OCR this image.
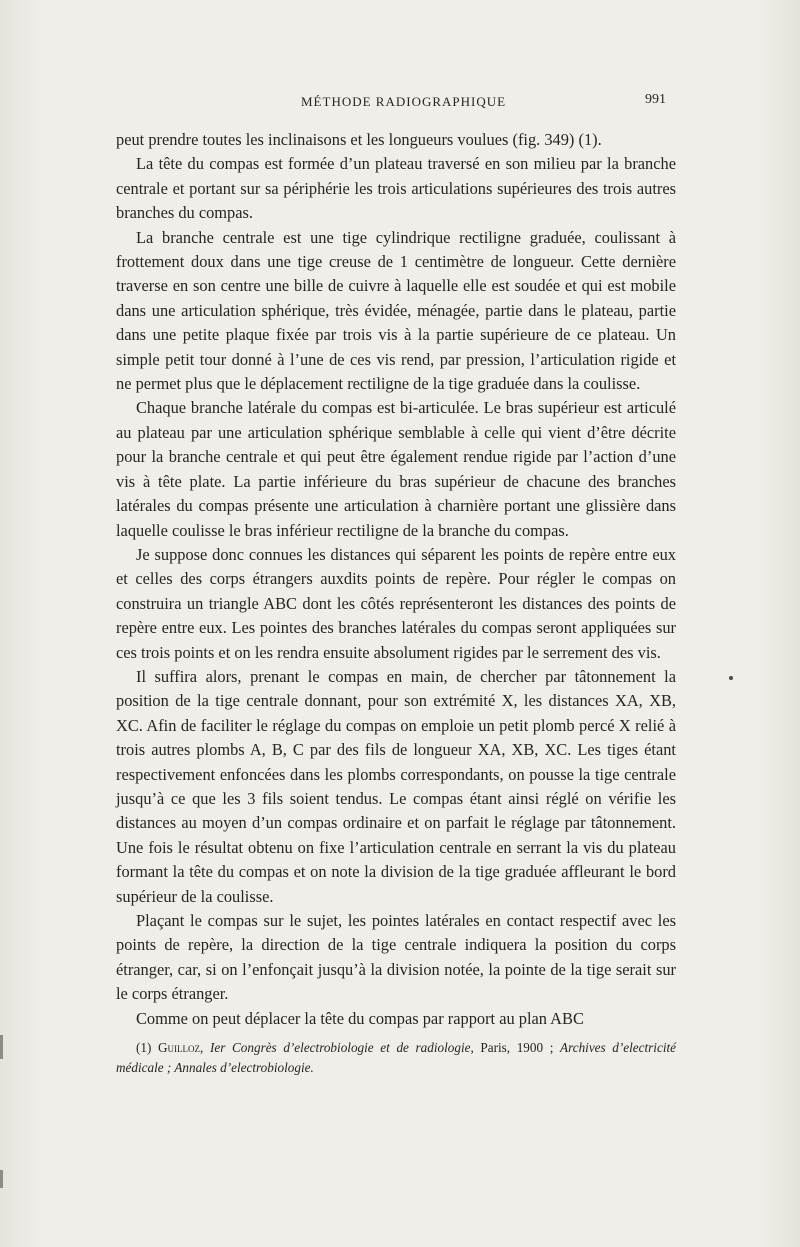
MÉTHODE RADIOGRAPHIQUE	991

peut prendre toutes les inclinaisons et les longueurs voulues (fig. 349) (1).

La tête du compas est formée d’un plateau traversé en son milieu par la branche centrale et portant sur sa périphérie les trois articulations supérieures des trois autres branches du compas.

La branche centrale est une tige cylindrique rectiligne graduée, coulissant à frottement doux dans une tige creuse de 1 centimètre de longueur. Cette dernière traverse en son centre une bille de cuivre à laquelle elle est soudée et qui est mobile dans une articulation sphérique, très évidée, ménagée, partie dans le plateau, partie dans une petite plaque fixée par trois vis à la partie supérieure de ce plateau. Un simple petit tour donné à l’une de ces vis rend, par pression, l’articulation rigide et ne permet plus que le déplacement rectiligne de la tige graduée dans la coulisse.

Chaque branche latérale du compas est bi-articulée. Le bras supérieur est articulé au plateau par une articulation sphérique semblable à celle qui vient d’être décrite pour la branche centrale et qui peut être également rendue rigide par l’action d’une vis à tête plate. La partie inférieure du bras supérieur de chacune des branches latérales du compas présente une articulation à charnière portant une glissière dans laquelle coulisse le bras inférieur rectiligne de la branche du compas.

Je suppose donc connues les distances qui séparent les points de repère entre eux et celles des corps étrangers auxdits points de repère. Pour régler le compas on construira un triangle ABC dont les côtés représenteront les distances des points de repère entre eux. Les pointes des branches latérales du compas seront appliquées sur ces trois points et on les rendra ensuite absolument rigides par le serrement des vis.

Il suffira alors, prenant le compas en main, de chercher par tâtonnement la position de la tige centrale donnant, pour son extrémité X, les distances XA, XB, XC. Afin de faciliter le réglage du compas on emploie un petit plomb percé X relié à trois autres plombs A, B, C par des fils de longueur XA, XB, XC. Les tiges étant respectivement enfoncées dans les plombs correspondants, on pousse la tige centrale jusqu’à ce que les 3 fils soient tendus. Le compas étant ainsi réglé on vérifie les distances au moyen d’un compas ordinaire et on parfait le réglage par tâtonnement. Une fois le résultat obtenu on fixe l’articulation centrale en serrant la vis du plateau formant la tête du compas et on note la division de la tige graduée affleurant le bord supérieur de la coulisse.

Plaçant le compas sur le sujet, les pointes latérales en contact respectif avec les points de repère, la direction de la tige centrale indiquera la position du corps étranger, car, si on l’enfonçait jusqu’à la division notée, la pointe de la tige serait sur le corps étranger.

Comme on peut déplacer la tête du compas par rapport au plan ABC

(1) Guilloz, Ier Congrès d’electrobiologie et de radiologie, Paris, 1900 ; Archives d’electricité médicale ; Annales d’electrobiologie.
